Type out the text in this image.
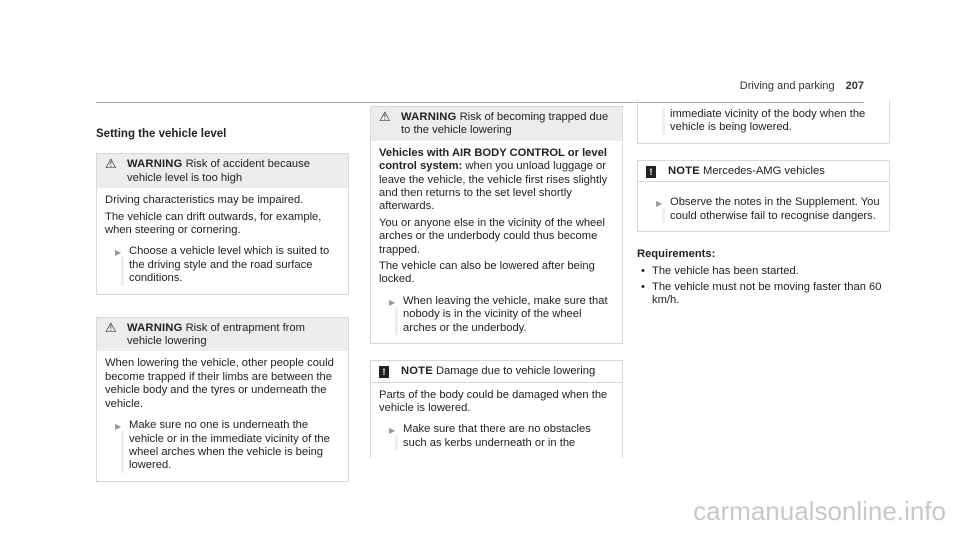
Driving and parking 207
Setting the vehicle level
⚠ WARNING Risk of accident because vehicle level is too high

Driving characteristics may be impaired.

The vehicle can drift outwards, for example, when steering or cornering.

▶ Choose a vehicle level which is suited to the driving style and the road surface conditions.
⚠ WARNING Risk of entrapment from vehicle lowering

When lowering the vehicle, other people could become trapped if their limbs are between the vehicle body and the tyres or underneath the vehicle.

▶ Make sure no one is underneath the vehicle or in the immediate vicinity of the wheel arches when the vehicle is being lowered.
⚠ WARNING Risk of becoming trapped due to the vehicle lowering

Vehicles with AIR BODY CONTROL or level control system: when you unload luggage or leave the vehicle, the vehicle first rises slightly and then returns to the set level shortly afterwards.

You or anyone else in the vicinity of the wheel arches or the underbody could thus become trapped.

The vehicle can also be lowered after being locked.

▶ When leaving the vehicle, make sure that nobody is in the vicinity of the wheel arches or the underbody.
!	NOTE Damage due to vehicle lowering

Parts of the body could be damaged when the vehicle is lowered.

▶ Make sure that there are no obstacles such as kerbs underneath or in the
immediate vicinity of the body when the vehicle is being lowered.
!	NOTE Mercedes-AMG vehicles
▶ Observe the notes in the Supplement. You could otherwise fail to recognise dangers.
Requirements:
• The vehicle has been started.
• The vehicle must not be moving faster than 60 km/h.
carmanualsonline.info
